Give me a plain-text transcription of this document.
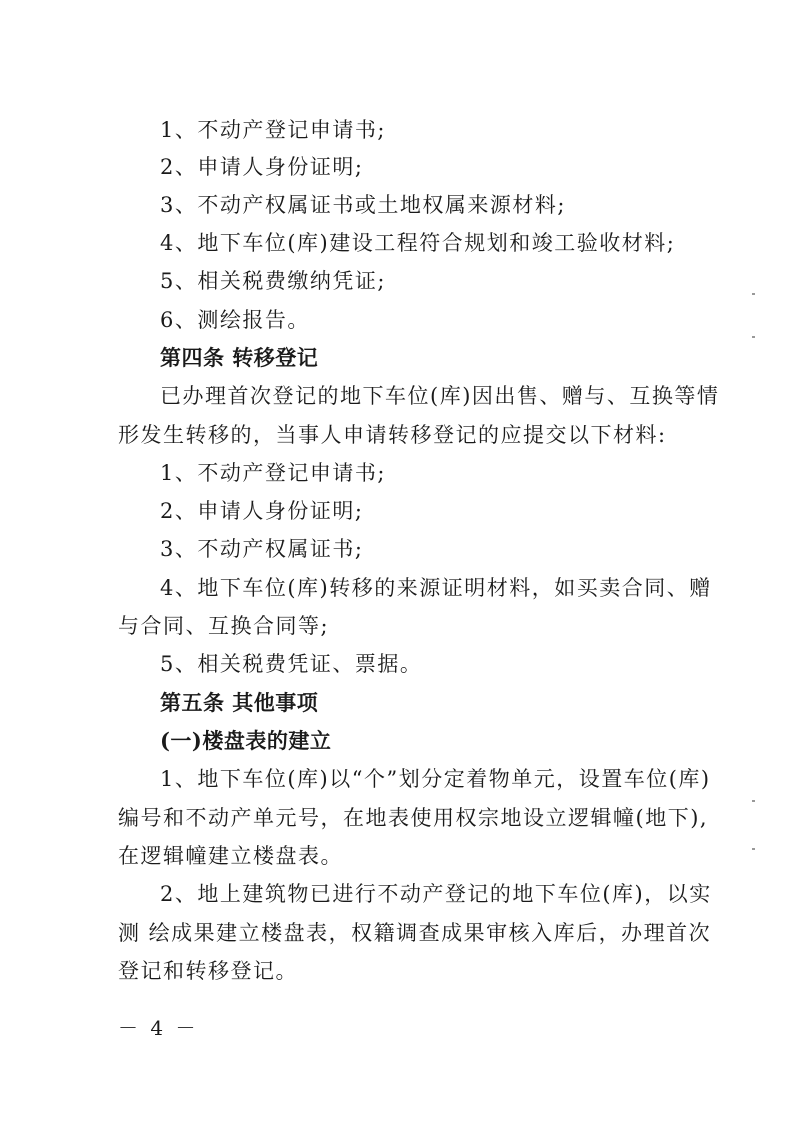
1、不动产登记申请书;
2、申请人身份证明;
3、不动产权属证书或土地权属来源材料;
4、地下车位(库)建设工程符合规划和竣工验收材料;
5、相关税费缴纳凭证;
6、测绘报告。
第四条 转移登记
已办理首次登记的地下车位(库)因出售、赠与、互换等情
形发生转移的，当事人申请转移登记的应提交以下材料:
1、不动产登记申请书;
2、申请人身份证明;
3、不动产权属证书;
4、地下车位(库)转移的来源证明材料，如买卖合同、赠
与合同、互换合同等;
5、相关税费凭证、票据。
第五条 其他事项
(一)楼盘表的建立
1、地下车位(库)以“个”划分定着物单元，设置车位(库)
编号和不动产单元号，在地表使用权宗地设立逻辑幢(地下),
在逻辑幢建立楼盘表。
2、地上建筑物已进行不动产登记的地下车位(库)，以实
测 绘成果建立楼盘表，权籍调查成果审核入库后，办理首次
登记和转移登记。
－ 4 －
